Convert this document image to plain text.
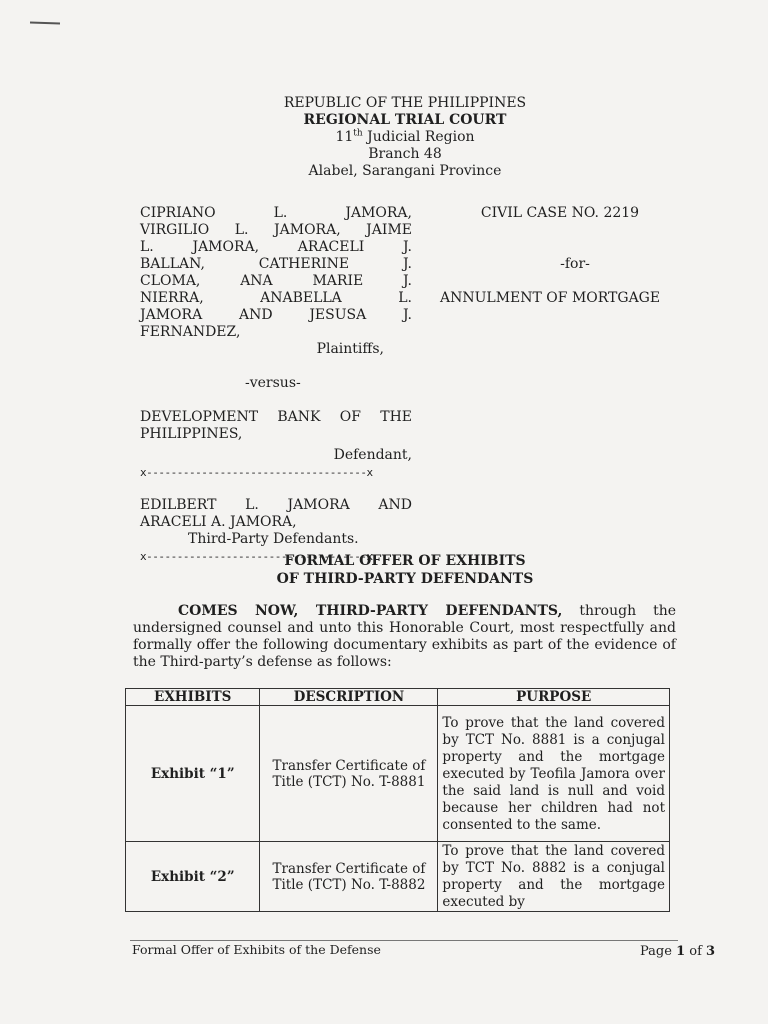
REPUBLIC OF THE PHILIPPINES
REGIONAL TRIAL COURT
11th Judicial Region
Branch 48
Alabel, Sarangani Province
CIPRIANO L. JAMORA,
VIRGILIO L. JAMORA, JAIME
L. JAMORA, ARACELI J.
BALLAN, CATHERINE J.
CLOMA, ANA MARIE J.
NIERRA, ANABELLA L.
JAMORA AND JESUSA J.
FERNANDEZ,
Plaintiffs,
-versus-
DEVELOPMENT BANK OF THE
PHILIPPINES,
Defendant,
x------------------------------------x
EDILBERT L. JAMORA AND
ARACELI A. JAMORA,
Third-Party Defendants.
x------------------------------------x
CIVIL CASE NO. 2219
-for-
ANNULMENT OF MORTGAGE
FORMAL OFFER OF EXHIBITS
OF THIRD-PARTY DEFENDANTS
COMES NOW, THIRD-PARTY DEFENDANTS, through the undersigned counsel and unto this Honorable Court, most respectfully and formally offer the following documentary exhibits as part of the evidence of the Third-party’s defense as follows:
EXHIBITS	DESCRIPTION	PURPOSE
Exhibit “1”	Transfer Certificate of Title (TCT) No. T-8881	To prove that the land covered by TCT No. 8881 is a conjugal property and the mortgage executed by Teofila Jamora over the said land is null and void because her children had not consented to the same.
Exhibit “2”	Transfer Certificate of Title (TCT) No. T-8882	To prove that the land covered by TCT No. 8882 is a conjugal property and the mortgage executed by
Formal Offer of Exhibits of the Defense	Page 1 of 3
